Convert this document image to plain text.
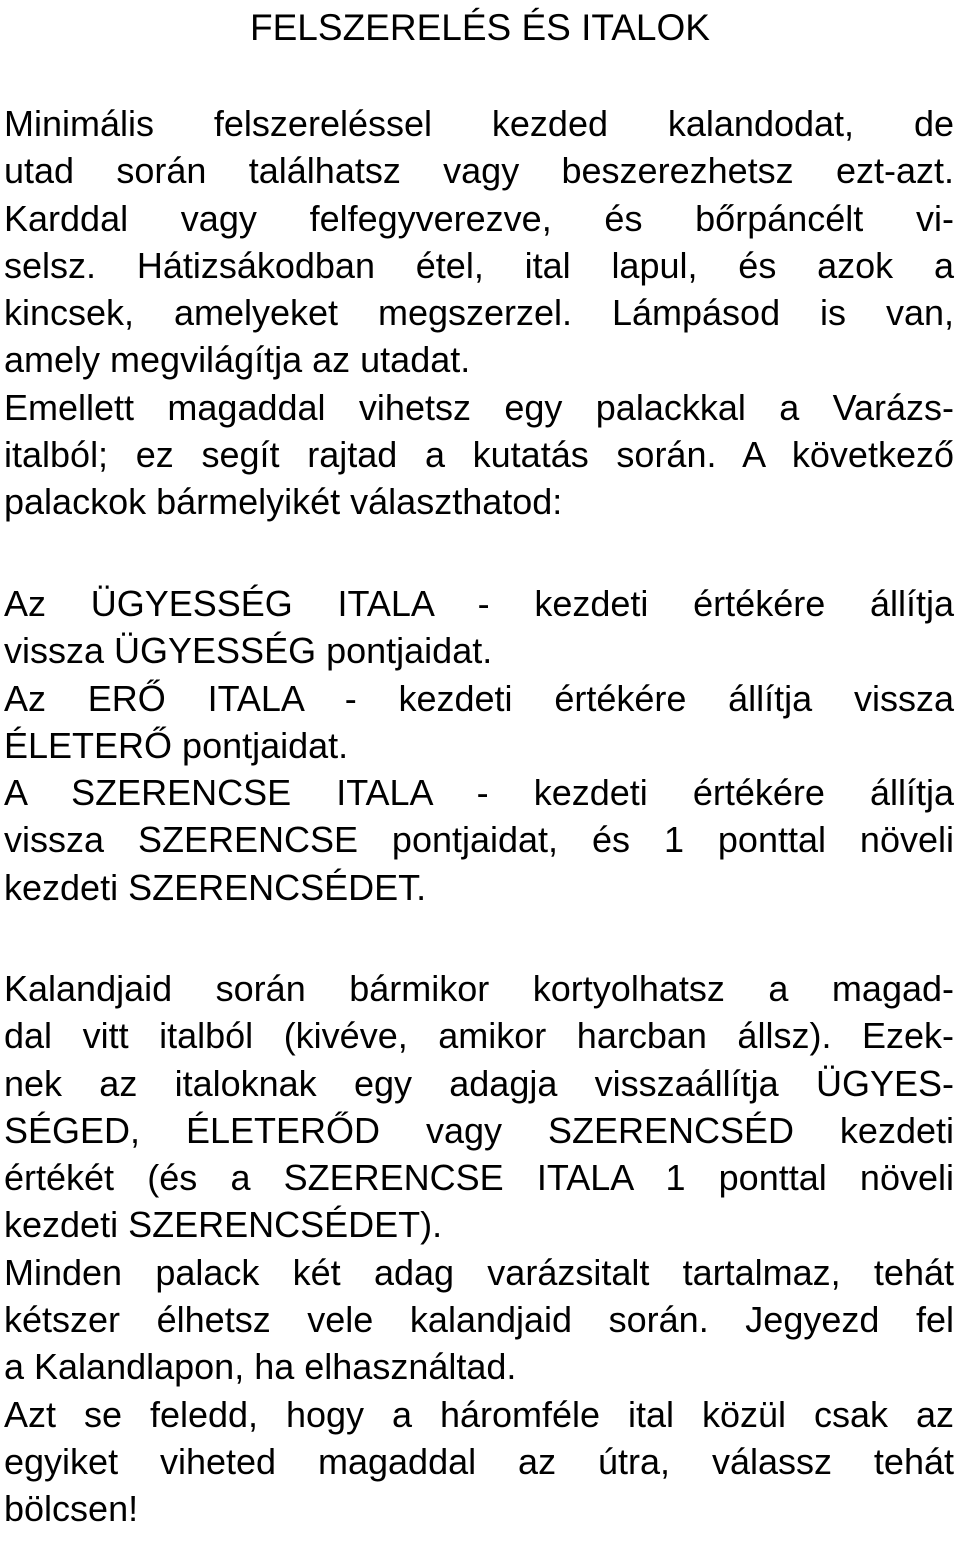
FELSZERELÉS ÉS ITALOK
Minimális felszereléssel kezded kalandodat, de
utad során találhatsz vagy beszerezhetsz ezt-azt.
Karddal vagy felfegyverezve, és bőrpáncélt vi-
selsz. Hátizsákodban étel, ital lapul, és azok a
kincsek, amelyeket megszerzel. Lámpásod is van,
amely megvilágítja az utadat.
Emellett magaddal vihetsz egy palackkal a Varázs-
italból; ez segít rajtad a kutatás során. A következő
palackok bármelyikét választhatod:
Az ÜGYESSÉG ITALA - kezdeti értékére állítja
vissza ÜGYESSÉG pontjaidat.
Az ERŐ ITALA - kezdeti értékére állítja vissza
ÉLETERŐ pontjaidat.
A SZERENCSE ITALA - kezdeti értékére állítja
vissza SZERENCSE pontjaidat, és 1 ponttal növeli
kezdeti SZERENCSÉDET.
Kalandjaid során bármikor kortyolhatsz a magad-
dal vitt italból (kivéve, amikor harcban állsz). Ezek-
nek az italoknak egy adagja visszaállítja ÜGYES-
SÉGED, ÉLETERŐD vagy SZERENCSÉD kezdeti
értékét (és a SZERENCSE ITALA 1 ponttal növeli
kezdeti SZERENCSÉDET).
Minden palack két adag varázsitalt tartalmaz, tehát
kétszer élhetsz vele kalandjaid során. Jegyezd fel
a Kalandlapon, ha elhasználtad.
Azt se feledd, hogy a háromféle ital közül csak az
egyiket viheted magaddal az útra, válassz tehát
bölcsen!
